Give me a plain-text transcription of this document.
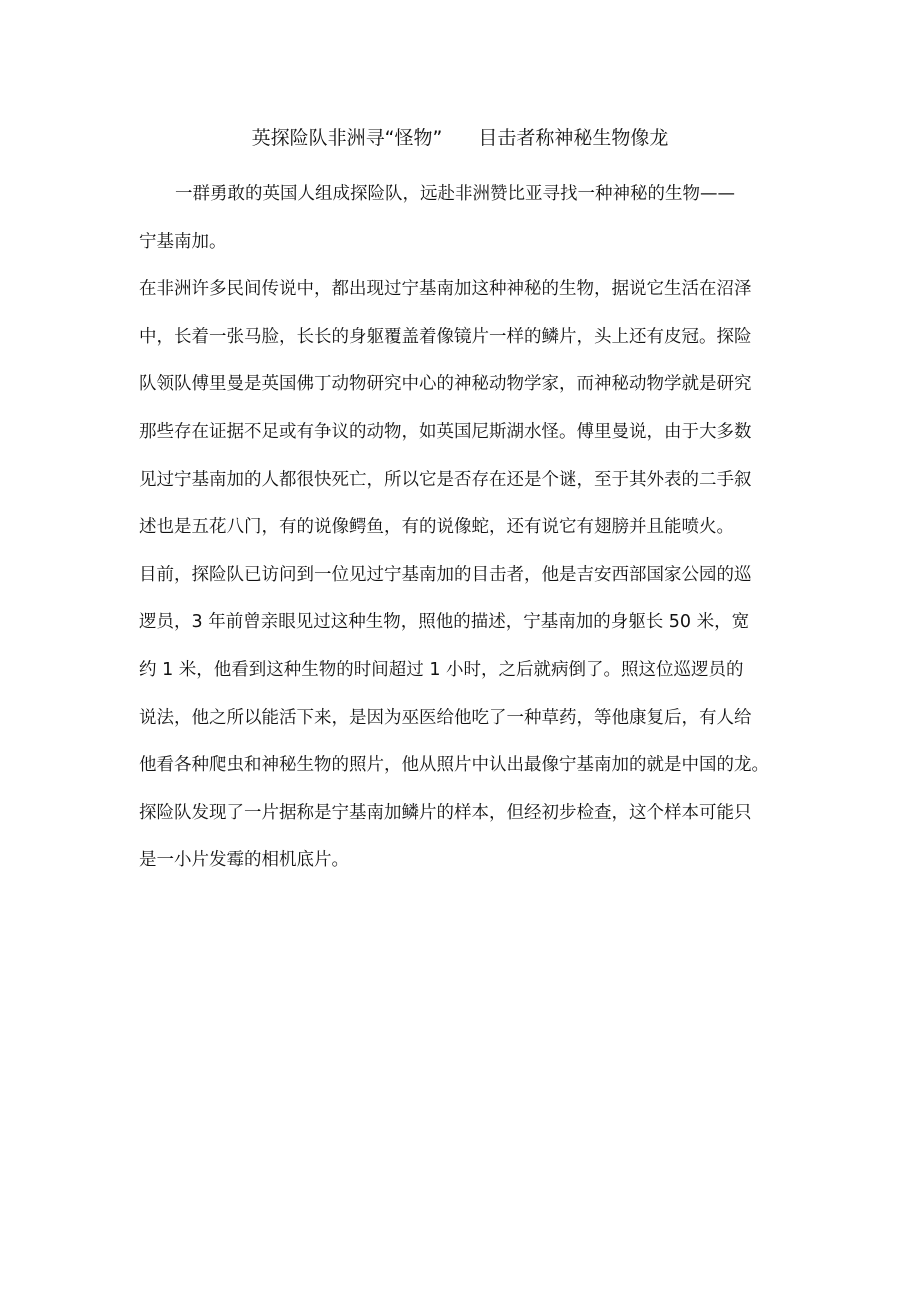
英探险队非洲寻“怪物” 目击者称神秘生物像龙
一群勇敢的英国人组成探险队，远赴非洲赞比亚寻找一种神秘的生物——
宁基南加。
在非洲许多民间传说中，都出现过宁基南加这种神秘的生物，据说它生活在沼泽
中，长着一张马脸，长长的身躯覆盖着像镜片一样的鳞片，头上还有皮冠。探险
队领队傅里曼是英国佛丁动物研究中心的神秘动物学家，而神秘动物学就是研究
那些存在证据不足或有争议的动物，如英国尼斯湖水怪。傅里曼说，由于大多数
见过宁基南加的人都很快死亡，所以它是否存在还是个谜，至于其外表的二手叙
述也是五花八门，有的说像鳄鱼，有的说像蛇，还有说它有翅膀并且能喷火。
目前，探险队已访问到一位见过宁基南加的目击者，他是吉安西部国家公园的巡
逻员，3 年前曾亲眼见过这种生物，照他的描述，宁基南加的身躯长 50 米，宽
约 1 米，他看到这种生物的时间超过 1 小时，之后就病倒了。照这位巡逻员的
说法，他之所以能活下来，是因为巫医给他吃了一种草药，等他康复后，有人给
他看各种爬虫和神秘生物的照片，他从照片中认出最像宁基南加的就是中国的龙。
探险队发现了一片据称是宁基南加鳞片的样本，但经初步检查，这个样本可能只
是一小片发霉的相机底片。
